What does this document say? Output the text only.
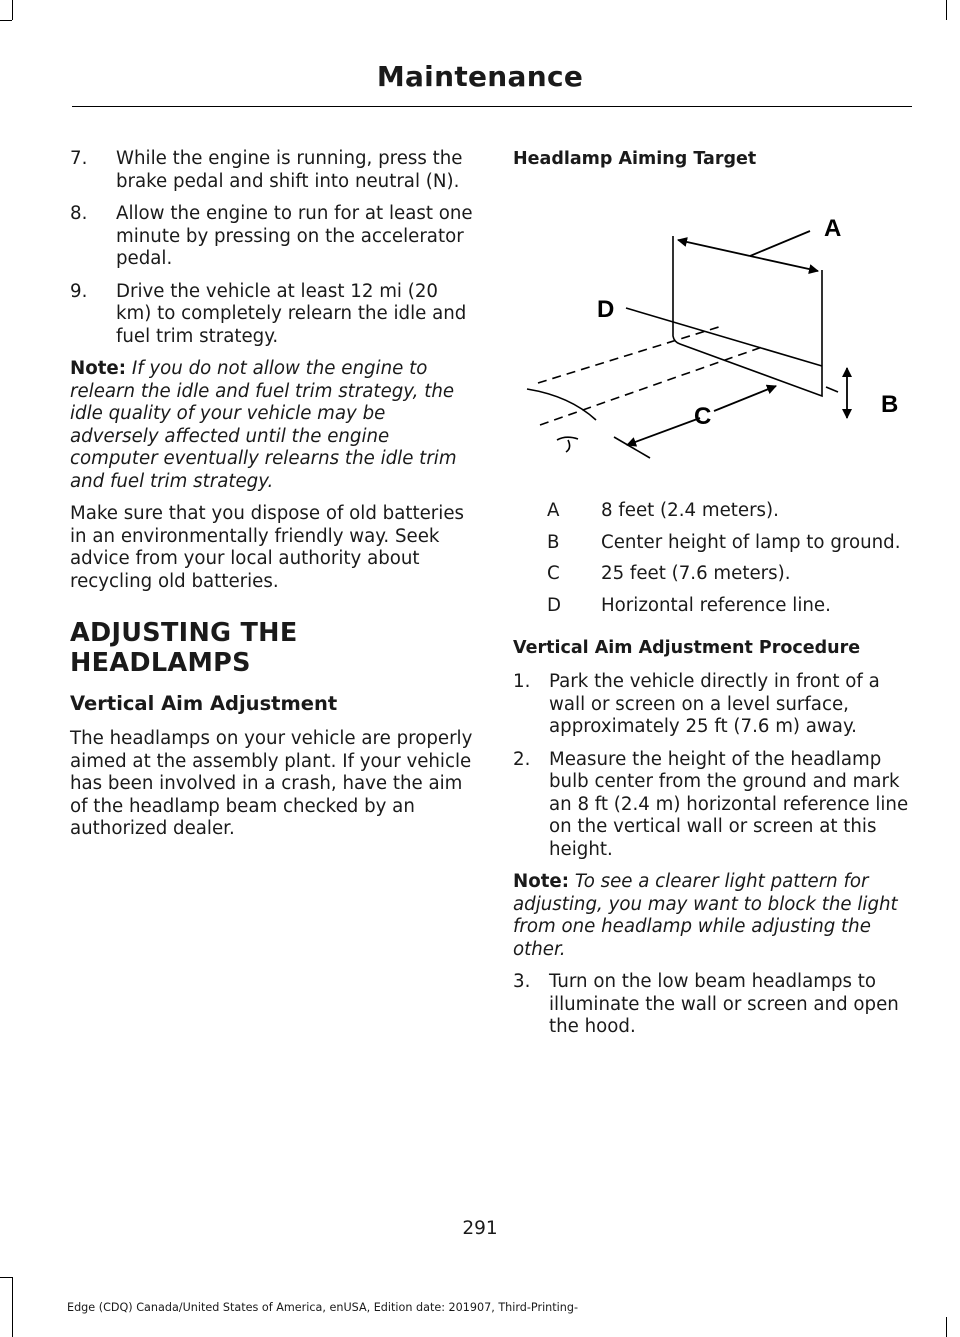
Maintenance
7.	While the engine is running, press the brake pedal and shift into neutral (N).
8.	Allow the engine to run for at least one minute by pressing on the accelerator pedal.
9.	Drive the vehicle at least 12 mi (20 km) to completely relearn the idle and fuel trim strategy.

Note: If you do not allow the engine to relearn the idle and fuel trim strategy, the idle quality of your vehicle may be adversely affected until the engine computer eventually relearns the idle trim and fuel trim strategy.

Make sure that you dispose of old batteries in an environmentally friendly way. Seek advice from your local authority about recycling old batteries.

ADJUSTING THE HEADLAMPS
Vertical Aim Adjustment

The headlamps on your vehicle are properly aimed at the assembly plant. If your vehicle has been involved in a crash, have the aim of the headlamp beam checked by an authorized dealer.

Headlamp Aiming Target
A
D
B
C
A	8 feet (2.4 meters).
B	Center height of lamp to ground.
C	25 feet (7.6 meters).
D	Horizontal reference line.
Vertical Aim Adjustment Procedure
1.	Park the vehicle directly in front of a wall or screen on a level surface, approximately 25 ft (7.6 m) away.
2.	Measure the height of the headlamp bulb center from the ground and mark an 8 ft (2.4 m) horizontal reference line on the vertical wall or screen at this height.

Note: To see a clearer light pattern for adjusting, you may want to block the light from one headlamp while adjusting the other.

3.	Turn on the low beam headlamps to illuminate the wall or screen and open the hood.
291
Edge (CDQ) Canada/United States of America, enUSA, Edition date: 201907, Third-Printing-
